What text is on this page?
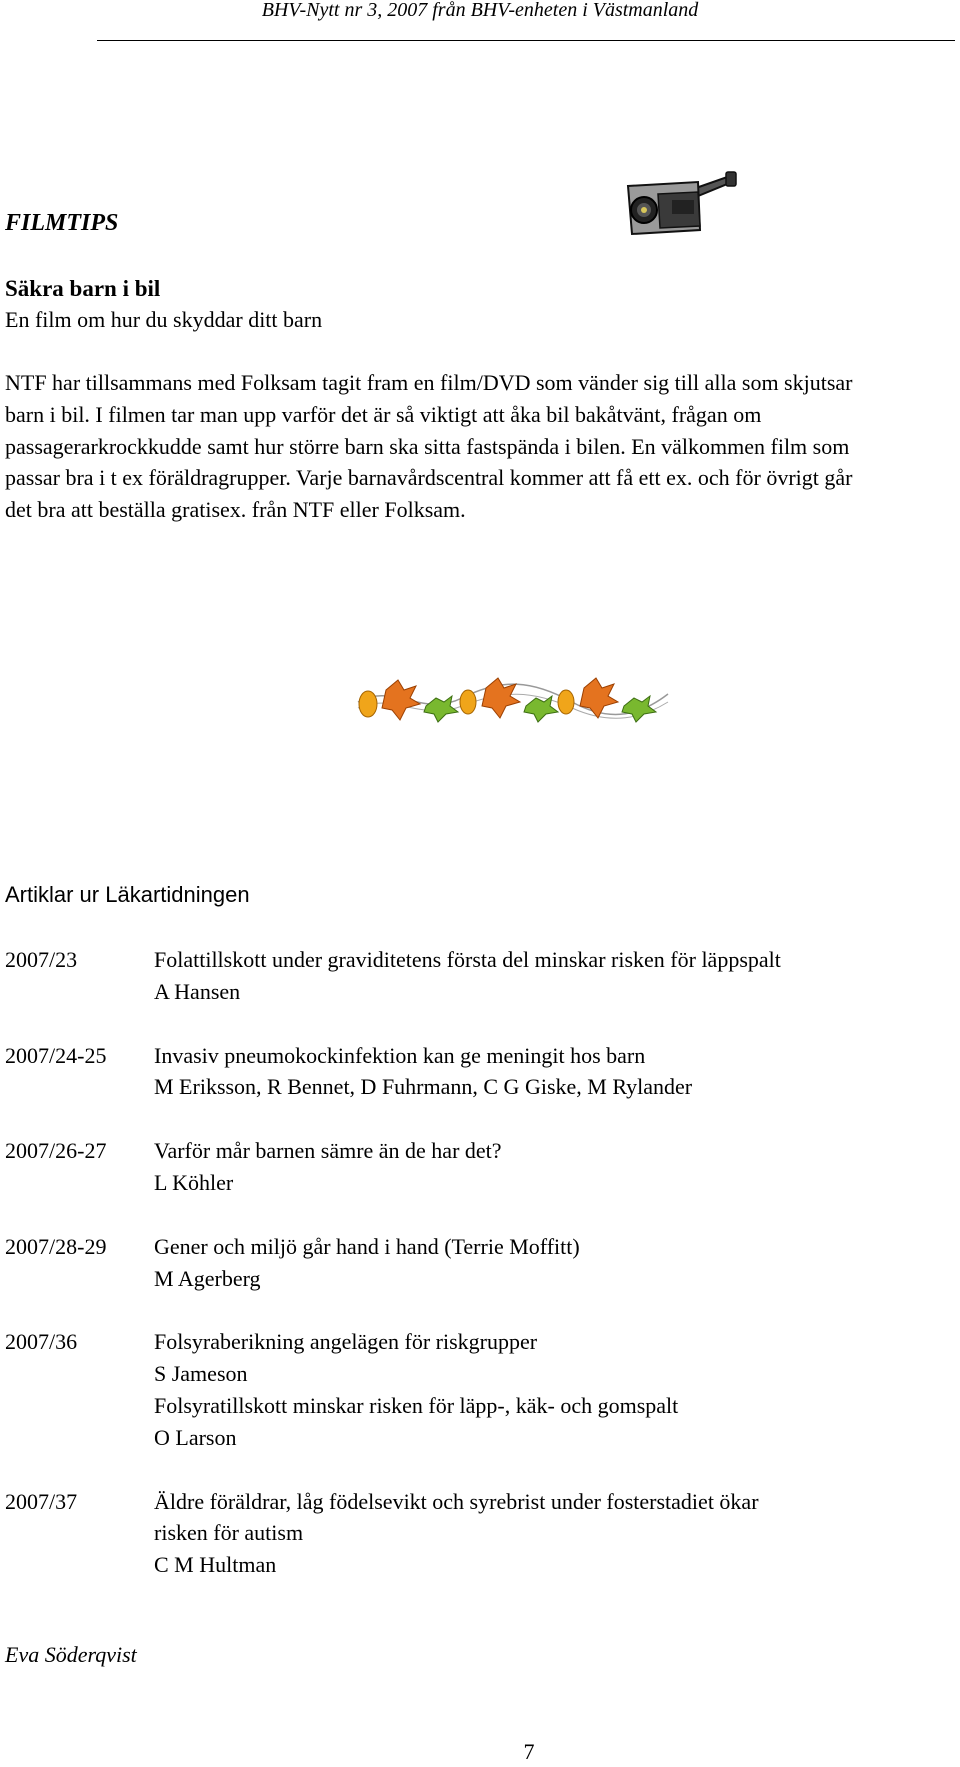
BHV-Nytt nr 3, 2007 från BHV-enheten i Västmanland
FILMTIPS
Säkra barn i bil
En film om hur du skyddar ditt barn
NTF har tillsammans med Folksam tagit fram en film/DVD som vänder sig till alla som skjutsar barn i bil. I filmen tar man upp varför det är så viktigt att åka bil bakåtvänt, frågan om passagerarkrockkudde samt hur större barn ska sitta fastspända i bilen. En välkommen film som passar bra i t ex föräldragrupper. Varje barnavårdscentral kommer att få ett ex. och för övrigt går det bra att beställa gratisex. från NTF eller Folksam.
Artiklar ur Läkartidningen
2007/23	Folattillskott under graviditetens första del minskar risken för läppspalt
A Hansen
2007/24-25 Invasiv pneumokockinfektion kan ge meningit hos barn
M Eriksson, R Bennet, D Fuhrmann, C G Giske, M Rylander
2007/26-27 Varför mår barnen sämre än de har det?
L Köhler
2007/28-29 Gener och miljö går hand i hand (Terrie Moffitt)
M Agerberg
2007/36	Folsyraberikning angelägen för riskgrupper
S Jameson
Folsyratillskott minskar risken för läpp-, käk- och gomspalt
O Larson
2007/37	Äldre föräldrar, låg födelsevikt och syrebrist under fosterstadiet ökar
risken för autism
C M Hultman
Eva Söderqvist
7
